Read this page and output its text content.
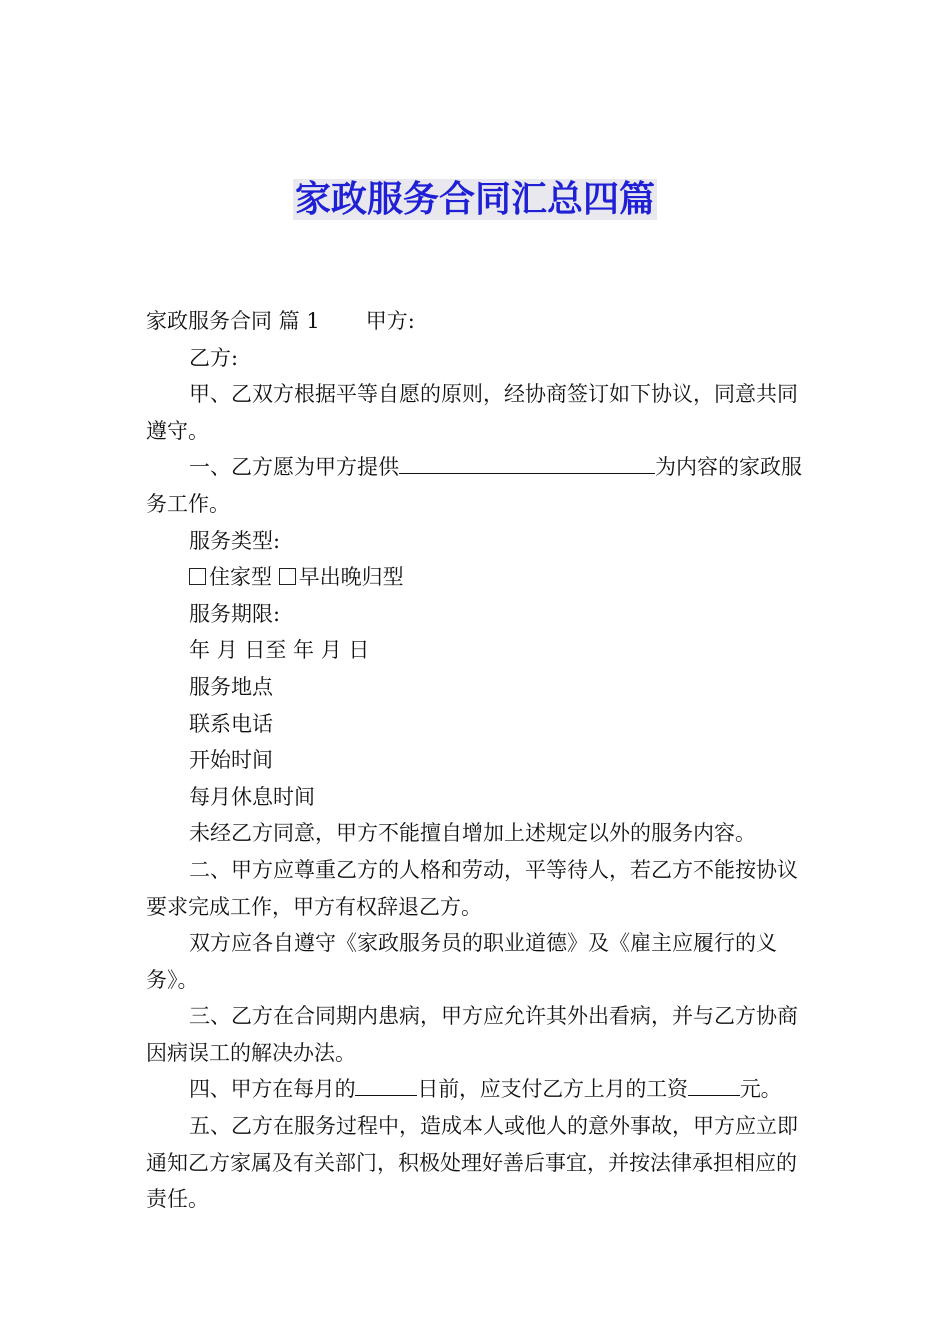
家政服务合同汇总四篇

家政服务合同 篇 1 甲方:

乙方:

甲、乙双方根据平等自愿的原则，经协商签订如下协议，同意共同遵守。

一、乙方愿为甲方提供	为内容的家政服务工作。

服务类型:

住家型 早出晚归型

服务期限:

年 月 日至 年 月 日

服务地点

联系电话

开始时间

每月休息时间

未经乙方同意，甲方不能擅自增加上述规定以外的服务内容。

二、甲方应尊重乙方的人格和劳动，平等待人，若乙方不能按协议要求完成工作，甲方有权辞退乙方。

双方应各自遵守《家政服务员的职业道德》及《雇主应履行的义务》。

三、乙方在合同期内患病，甲方应允许其外出看病，并与乙方协商因病误工的解决办法。

四、甲方在每月的	日前，应支付乙方上月的工资 元。

五、乙方在服务过程中，造成本人或他人的意外事故，甲方应立即通知乙方家属及有关部门，积极处理好善后事宜，并按法律承担相应的责任。
